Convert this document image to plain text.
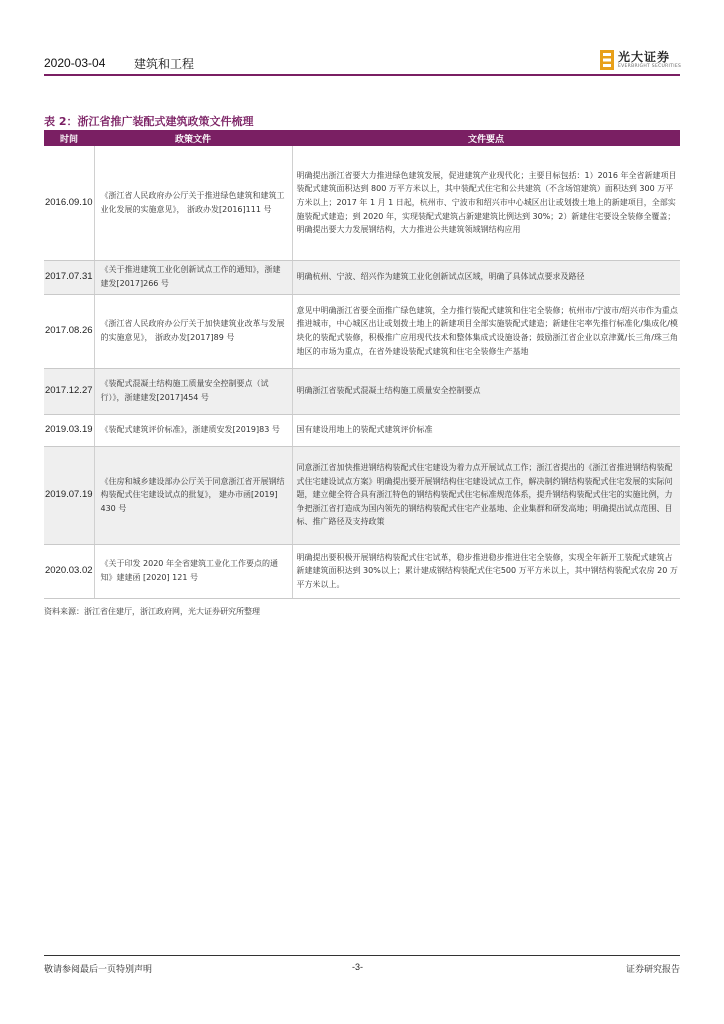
2020-03-04 建筑和工程	光大证券
EVERBRIGHT SECURITIES
表 2：浙江省推广装配式建筑政策文件梳理
时间	政策文件	文件要点
2016.09.10	《浙江省人民政府办公厅关于推进绿色建筑和建筑工业化发展的实施意见》， 浙政办发[2016]111 号	明确提出浙江省要大力推进绿色建筑发展，促进建筑产业现代化；主要目标包括：1）2016 年全省新建项目装配式建筑面积达到 800 万平方米以上，其中装配式住宅和公共建筑（不含场馆建筑）面积达到 300 万平方米以上；2017 年 1 月 1 日起，杭州市、宁波市和绍兴市中心城区出让或划拨土地上的新建项目，全部实施装配式建造；到 2020 年，实现装配式建筑占新建建筑比例达到 30%；2）新建住宅要设全装修全覆盖；明确提出要大力发展钢结构，大力推进公共建筑领域钢结构应用
2017.07.31	《关于推进建筑工业化创新试点工作的通知》，浙建建发[2017]266 号	明确杭州、宁波、绍兴作为建筑工业化创新试点区域，明确了具体试点要求及路径
2017.08.26	《浙江省人民政府办公厅关于加快建筑业改革与发展的实施意见》， 浙政办发[2017]89 号	意见中明确浙江省要全面推广绿色建筑，全力推行装配式建筑和住宅全装修；杭州市/宁波市/绍兴市作为重点推进城市，中心城区出让或划拨土地上的新建项目全部实施装配式建造；新建住宅率先推行标准化/集成化/模块化的装配式装修，积极推广应用现代技术和整体集成式设施设备；鼓励浙江省企业以京津冀/长三角/珠三角地区的市场为重点，在省外建设装配式建筑和住宅全装修生产基地
2017.12.27	《装配式混凝土结构施工质量安全控制要点（试行）》，浙建建发[2017]454 号	明确浙江省装配式混凝土结构施工质量安全控制要点
2019.03.19	《装配式建筑评价标准》，浙建质安发[2019]83 号	国有建设用地上的装配式建筑评价标准
2019.07.19	《住房和城乡建设部办公厅关于同意浙江省开展钢结构装配式住宅建设试点的批复》， 建办市函[2019] 430 号	同意浙江省加快推进钢结构装配式住宅建设为着力点开展试点工作；浙江省提出的《浙江省推进钢结构装配式住宅建设试点方案》明确提出要开展钢结构住宅建设试点工作，解决制约钢结构装配式住宅发展的实际问题，建立健全符合具有浙江特色的钢结构装配式住宅标准规范体系，提升钢结构装配式住宅的实施比例，力争把浙江省打造成为国内领先的钢结构装配式住宅产业基地、企业集群和研发高地；明确提出试点范围、目标、推广路径及支持政策
2020.03.02	《关于印发 2020 年全省建筑工业化工作要点的通知》建建函 [2020] 121 号	明确提出要积极开展钢结构装配式住宅试革，稳步推进稳步推进住宅全装修，实现全年新开工装配式建筑占新建建筑面积达到 30%以上；累计建成钢结构装配式住宅500 万平方米以上，其中钢结构装配式农房 20 万平方米以上。
资料来源：浙江省住建厅，浙江政府网，光大证券研究所整理
敬请参阅最后一页特别声明	-3-	证券研究报告
